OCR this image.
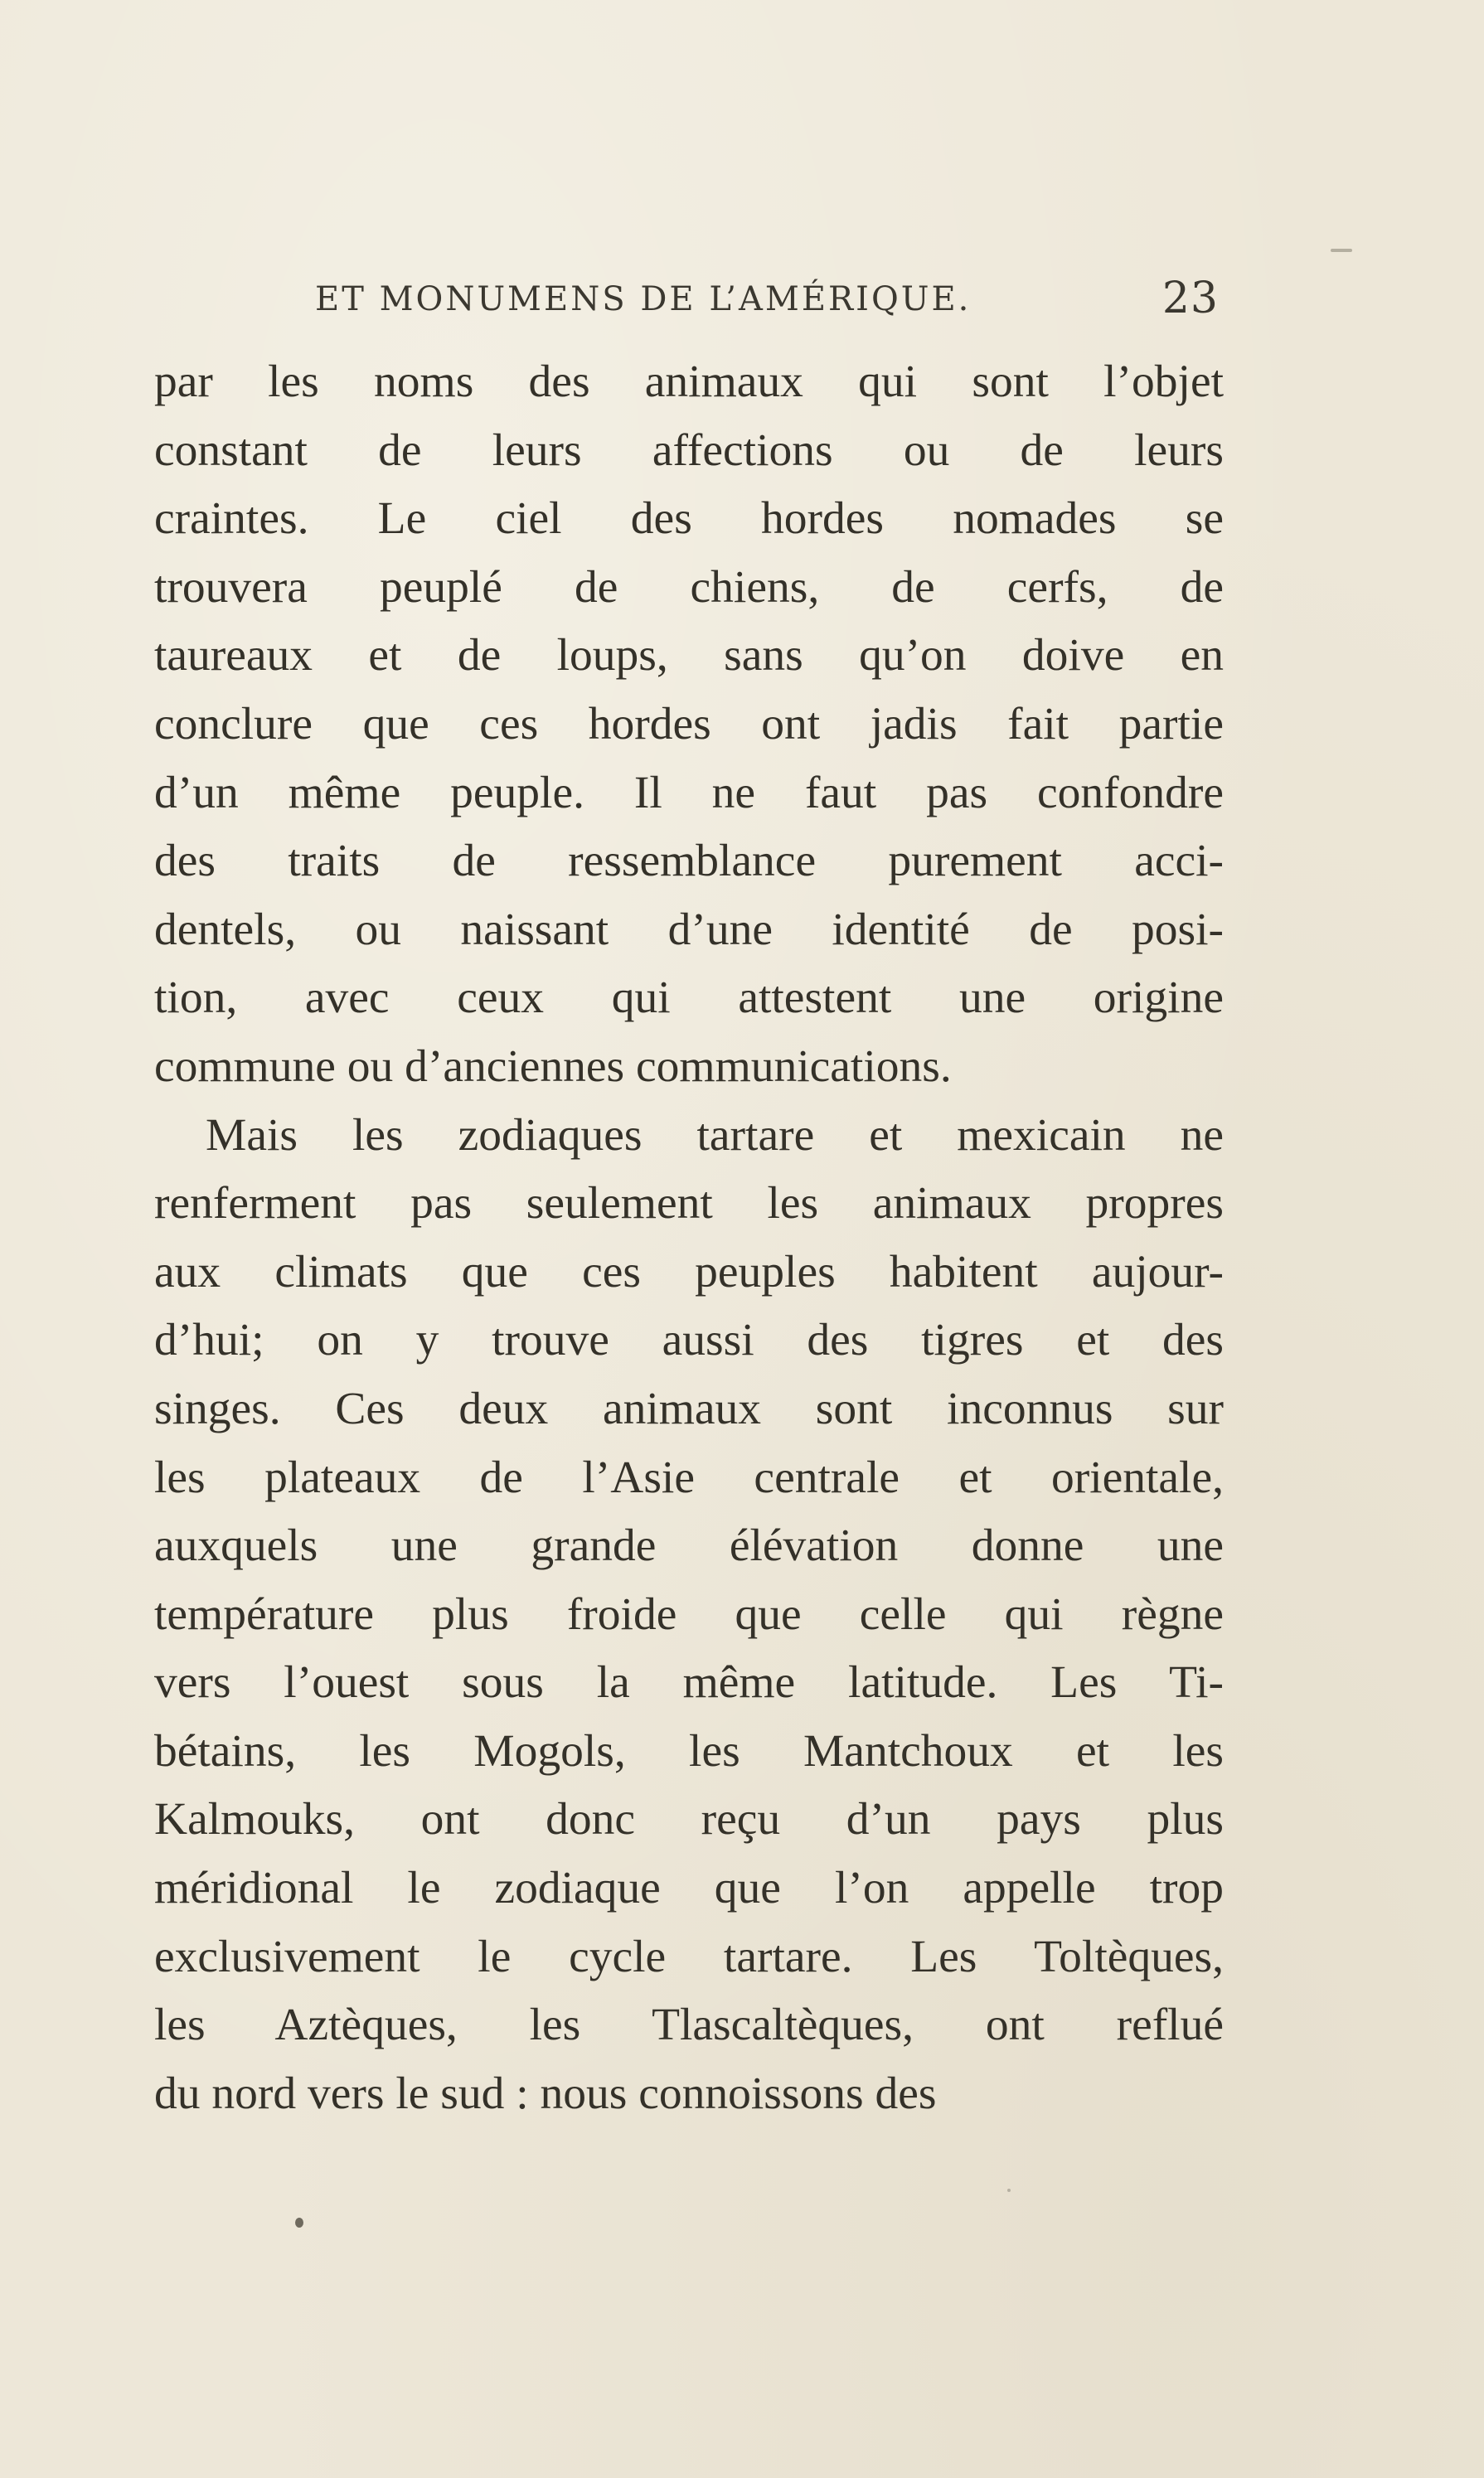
ET MONUMENS DE L’AMÉRIQUE.	23
par les noms des animaux qui sont l’objet
constant de leurs affections ou de leurs
craintes. Le ciel des hordes nomades se
trouvera peuplé de chiens, de cerfs, de
taureaux et de loups, sans qu’on doive en
conclure que ces hordes ont jadis fait partie
d’un même peuple. Il ne faut pas confondre
des traits de ressemblance purement acci-
dentels, ou naissant d’une identité de posi-
tion, avec ceux qui attestent une origine
commune ou d’anciennes communications.
Mais les zodiaques tartare et mexicain ne
renferment pas seulement les animaux propres
aux climats que ces peuples habitent aujour-
d’hui; on y trouve aussi des tigres et des
singes. Ces deux animaux sont inconnus sur
les plateaux de l’Asie centrale et orientale,
auxquels une grande élévation donne une
température plus froide que celle qui règne
vers l’ouest sous la même latitude. Les Ti-
bétains, les Mogols, les Mantchoux et les
Kalmouks, ont donc reçu d’un pays plus
méridional le zodiaque que l’on appelle trop
exclusivement le cycle tartare. Les Toltèques,
les Aztèques, les Tlascaltèques, ont reflué
du nord vers le sud : nous connoissons des
